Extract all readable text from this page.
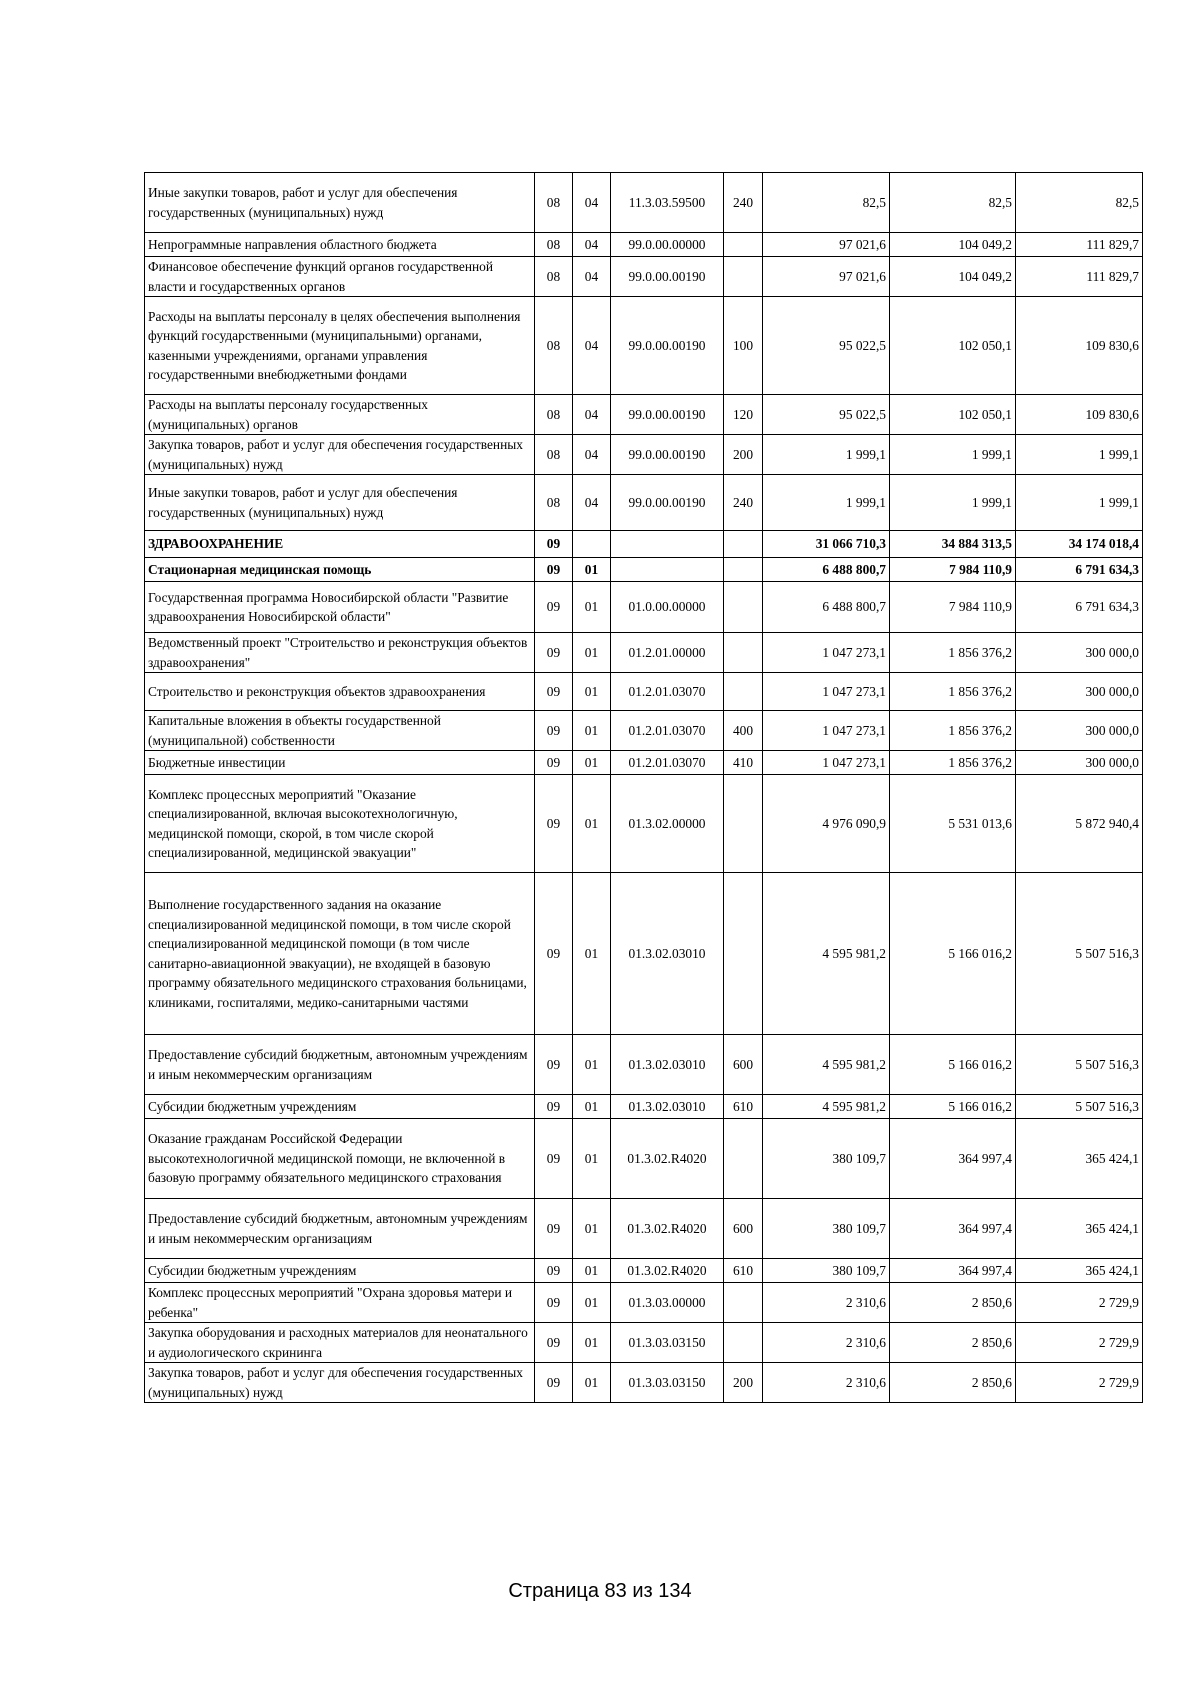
Иные закупки товаров, работ и услуг для обеспечения государственных (муниципальных) нужд	08	04	11.3.03.59500	240	82,5	82,5	82,5
Непрограммные направления областного бюджета	08	04	99.0.00.00000		97 021,6	104 049,2	111 829,7
Финансовое обеспечение функций органов государственной власти и государственных органов	08	04	99.0.00.00190		97 021,6	104 049,2	111 829,7
Расходы на выплаты персоналу в целях обеспечения выполнения функций государственными (муниципальными) органами, казенными учреждениями, органами управления государственными внебюджетными фондами	08	04	99.0.00.00190	100	95 022,5	102 050,1	109 830,6
Расходы на выплаты персоналу государственных (муниципальных) органов	08	04	99.0.00.00190	120	95 022,5	102 050,1	109 830,6
Закупка товаров, работ и услуг для обеспечения государственных (муниципальных) нужд	08	04	99.0.00.00190	200	1 999,1	1 999,1	1 999,1
Иные закупки товаров, работ и услуг для обеспечения государственных (муниципальных) нужд	08	04	99.0.00.00190	240	1 999,1	1 999,1	1 999,1
ЗДРАВООХРАНЕНИЕ	09				31 066 710,3	34 884 313,5	34 174 018,4
Стационарная медицинская помощь	09	01			6 488 800,7	7 984 110,9	6 791 634,3
Государственная программа Новосибирской области "Развитие здравоохранения Новосибирской области"	09	01	01.0.00.00000		6 488 800,7	7 984 110,9	6 791 634,3
Ведомственный проект "Строительство и реконструкция объектов здравоохранения"	09	01	01.2.01.00000		1 047 273,1	1 856 376,2	300 000,0
Строительство и реконструкция объектов здравоохранения	09	01	01.2.01.03070		1 047 273,1	1 856 376,2	300 000,0
Капитальные вложения в объекты государственной (муниципальной) собственности	09	01	01.2.01.03070	400	1 047 273,1	1 856 376,2	300 000,0
Бюджетные инвестиции	09	01	01.2.01.03070	410	1 047 273,1	1 856 376,2	300 000,0
Комплекс процессных мероприятий "Оказание специализированной, включая высокотехнологичную, медицинской помощи, скорой, в том числе скорой специализированной, медицинской эвакуации"	09	01	01.3.02.00000		4 976 090,9	5 531 013,6	5 872 940,4
Выполнение государственного задания на оказание специализированной медицинской помощи, в том числе скорой специализированной медицинской помощи (в том числе санитарно-авиационной эвакуации), не входящей в базовую программу обязательного медицинского страхования больницами, клиниками, госпиталями, медико-санитарными частями	09	01	01.3.02.03010		4 595 981,2	5 166 016,2	5 507 516,3
Предоставление субсидий бюджетным, автономным учреждениям и иным некоммерческим организациям	09	01	01.3.02.03010	600	4 595 981,2	5 166 016,2	5 507 516,3
Субсидии бюджетным учреждениям	09	01	01.3.02.03010	610	4 595 981,2	5 166 016,2	5 507 516,3
Оказание гражданам Российской Федерации высокотехнологичной медицинской помощи, не включенной в базовую программу обязательного медицинского страхования	09	01	01.3.02.R4020		380 109,7	364 997,4	365 424,1
Предоставление субсидий бюджетным, автономным учреждениям и иным некоммерческим организациям	09	01	01.3.02.R4020	600	380 109,7	364 997,4	365 424,1
Субсидии бюджетным учреждениям	09	01	01.3.02.R4020	610	380 109,7	364 997,4	365 424,1
Комплекс процессных мероприятий "Охрана здоровья матери и ребенка"	09	01	01.3.03.00000		2 310,6	2 850,6	2 729,9
Закупка оборудования и расходных материалов для неонатального и аудиологического скрининга	09	01	01.3.03.03150		2 310,6	2 850,6	2 729,9
Закупка товаров, работ и услуг для обеспечения государственных (муниципальных) нужд	09	01	01.3.03.03150	200	2 310,6	2 850,6	2 729,9
Страница 83 из 134
